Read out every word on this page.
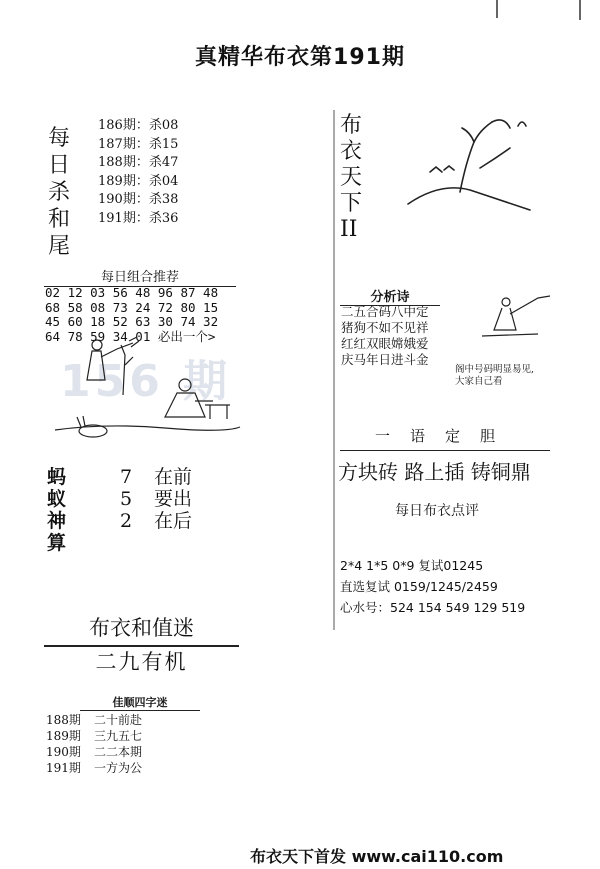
真精华布衣第191期
每
日
杀
和
尾
186期：杀08
187期：杀15
188期：杀47
189期：杀04
190期：杀38
191期：杀36
每日组合推荐
02 12 03 56 48 96 87 48
68 58 08 73 24 72 80 15
45 60 18 52 63 30 74 32
64 78 59 34 01 必出一个>
156 期
蚂
蚁
神
算
7 在前
5 要出
2 在后
布衣和值迷
二九有机
佳顺四字迷
188期 二十前赴
189期 三九五七
190期 二二本期
191期 一方为公
布
衣
天
下
II
分析诗
二五合码八中定
猪狗不如不见祥
红红双眼嫦娥爱
庆马年日进斗金
阁中号码明显易见,
大家自己看
一语定胆
方块砖 路上插 铸铜鼎
每日布衣点评
2*4 1*5 0*9 复试01245
直选复试 0159/1245/2459
心水号：524 154 549 129 519
布衣天下首发 www.cai110.com
